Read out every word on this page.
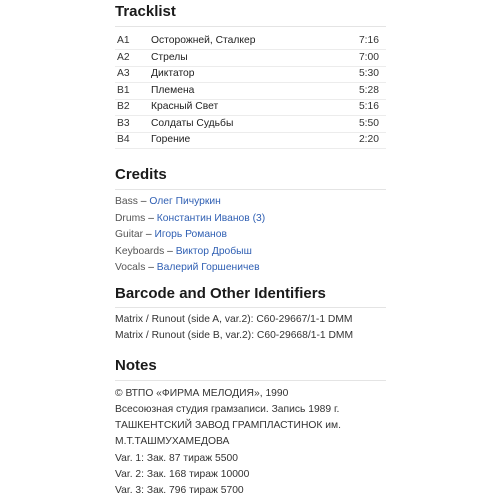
Tracklist
A1 Осторожней, Сталкер	7:16
A2 Стрелы	7:00
A3 Диктатор	5:30
B1 Племена	5:28
B2 Красный Свет	5:16
B3 Солдаты Судьбы	5:50
B4 Горение	2:20
Credits
Bass – Олег Пичуркин
Drums – Константин Иванов (3)
Guitar – Игорь Романов
Keyboards – Виктор Дробыш
Vocals – Валерий Горшеничев
Barcode and Other Identifiers
Matrix / Runout (side A, var.2): C60-29667/1-1 DMM
Matrix / Runout (side B, var.2): C60-29668/1-1 DMM
Notes
© ВТПО «ФИРМА МЕЛОДИЯ», 1990
Всесоюзная студия грамзаписи. Запись 1989 г.
ТАШКЕНТСКИЙ ЗАВОД ГРАМПЛАСТИНОК им.
М.Т.ТАШМУХАМЕДОВА
Var. 1: Зак. 87 тираж 5500
Var. 2: Зак. 168 тираж 10000
Var. 3: Зак. 796 тираж 5700
